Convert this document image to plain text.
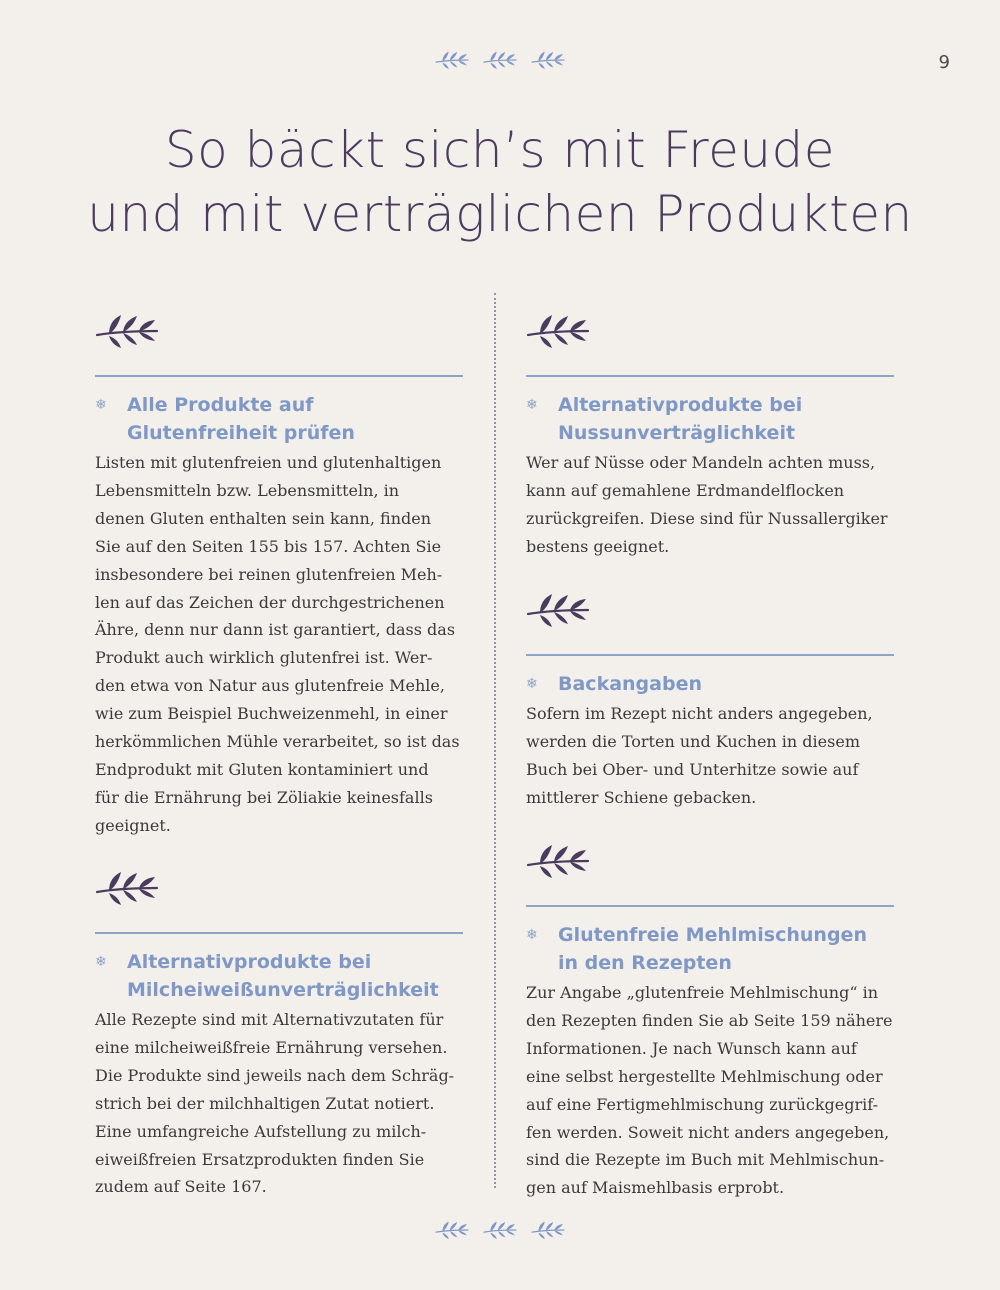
9
So bäckt sich’s mit Freude
und mit verträglichen Produkten
❄ Alle Produkte auf
Glutenfreiheit prüfen

Listen mit glutenfreien und glutenhaltigen
Lebensmitteln bzw. Lebensmitteln, in
denen Gluten enthalten sein kann, finden
Sie auf den Seiten 155 bis 157. Achten Sie
insbesondere bei reinen glutenfreien Meh-
len auf das Zeichen der durchgestrichenen
Ähre, denn nur dann ist garantiert, dass das
Produkt auch wirklich glutenfrei ist. Wer-
den etwa von Natur aus glutenfreie Mehle,
wie zum Beispiel Buchweizenmehl, in einer
herkömmlichen Mühle verarbeitet, so ist das
Endprodukt mit Gluten kontaminiert und
für die Ernährung bei Zöliakie keinesfalls
geeignet.

❄ Alternativprodukte bei
Milcheiweißunverträglichkeit

Alle Rezepte sind mit Alternativzutaten für
eine milcheiweißfreie Ernährung versehen.
Die Produkte sind jeweils nach dem Schräg-
strich bei der milchhaltigen Zutat notiert.
Eine umfangreiche Aufstellung zu milch-
eiweißfreien Ersatzprodukten finden Sie
zudem auf Seite 167.

❄ Alternativprodukte bei
Nussunverträglichkeit

Wer auf Nüsse oder Mandeln achten muss,
kann auf gemahlene Erdmandelflocken
zurückgreifen. Diese sind für Nussallergiker
bestens geeignet.

❄ Backangaben

Sofern im Rezept nicht anders angegeben,
werden die Torten und Kuchen in diesem
Buch bei Ober- und Unterhitze sowie auf
mittlerer Schiene gebacken.

❄ Glutenfreie Mehlmischungen
in den Rezepten

Zur Angabe „glutenfreie Mehlmischung“ in
den Rezepten finden Sie ab Seite 159 nähere
Informationen. Je nach Wunsch kann auf
eine selbst hergestellte Mehlmischung oder
auf eine Fertigmehlmischung zurückgegrif-
fen werden. Soweit nicht anders angegeben,
sind die Rezepte im Buch mit Mehlmischun-
gen auf Maismehlbasis erprobt.
